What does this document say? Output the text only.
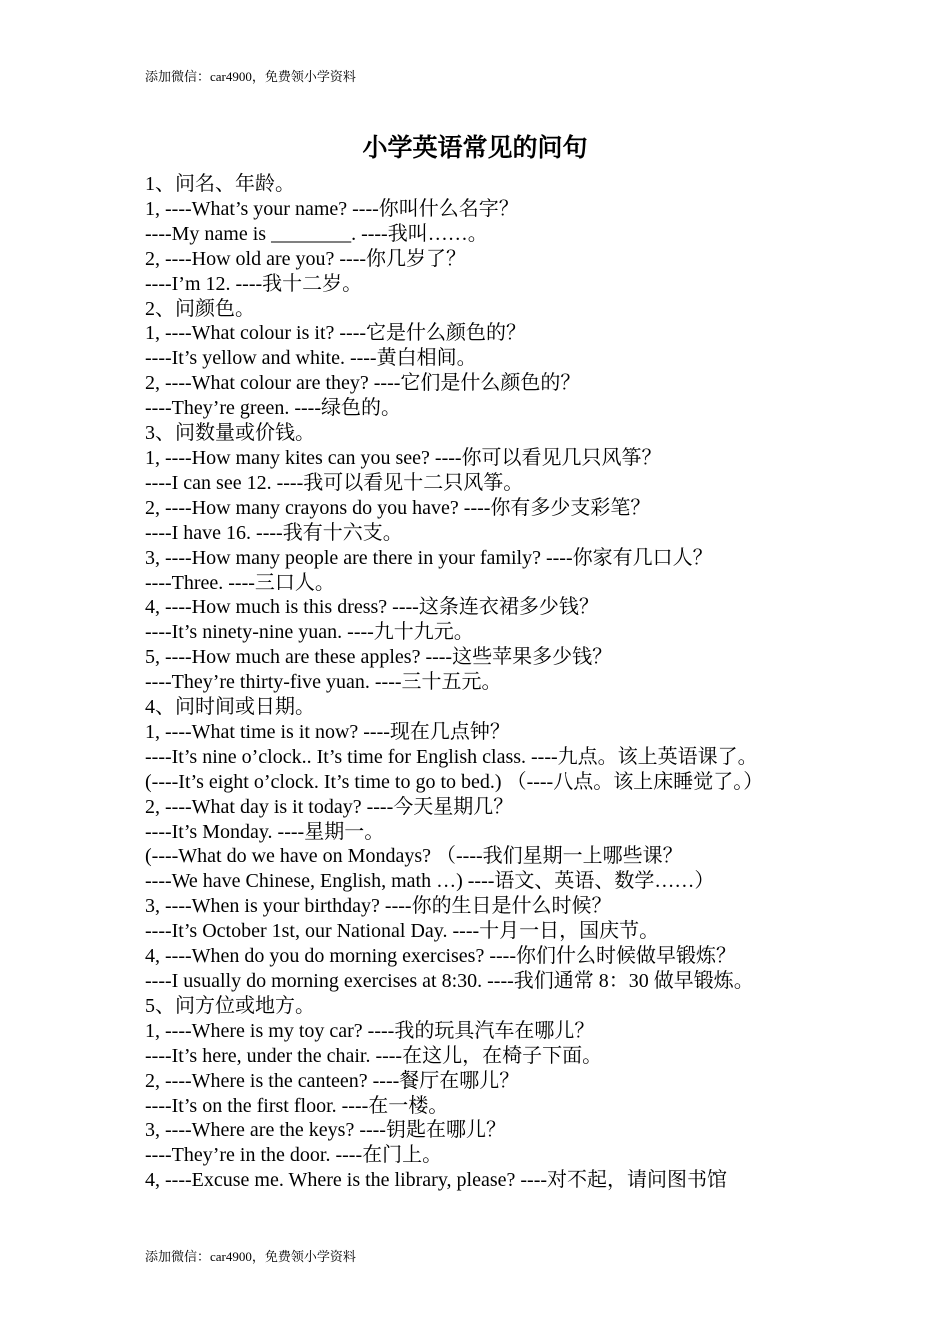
添加微信：car4900，免费领小学资料
小学英语常见的问句

1、问名、年龄。

1, ----What’s your name? ----你叫什么名字？

----My name is ________. ----我叫……。

2, ----How old are you? ----你几岁了？

----I’m 12. ----我十二岁。

2、问颜色。

1, ----What colour is it? ----它是什么颜色的？

----It’s yellow and white. ----黄白相间。

2, ----What colour are they? ----它们是什么颜色的？

----They’re green. ----绿色的。

3、问数量或价钱。

1, ----How many kites can you see? ----你可以看见几只风筝？

----I can see 12. ----我可以看见十二只风筝。

2, ----How many crayons do you have? ----你有多少支彩笔？

----I have 16. ----我有十六支。

3, ----How many people are there in your family? ----你家有几口人？

----Three. ----三口人。

4, ----How much is this dress? ----这条连衣裙多少钱？

----It’s ninety-nine yuan. ----九十九元。

5, ----How much are these apples? ----这些苹果多少钱？

----They’re thirty-five yuan. ----三十五元。

4、问时间或日期。

1, ----What time is it now? ----现在几点钟？

----It’s nine o’clock.. It’s time for English class. ----九点。该上英语课了。

(----It’s eight o’clock. It’s time to go to bed.) （----八点。该上床睡觉了。）

2, ----What day is it today? ----今天星期几？

----It’s Monday. ----星期一。

(----What do we have on Mondays? （----我们星期一上哪些课？

----We have Chinese, English, math …) ----语文、英语、数学……）

3, ----When is your birthday? ----你的生日是什么时候？

----It’s October 1st, our National Day. ----十月一日，国庆节。

4, ----When do you do morning exercises? ----你们什么时候做早锻炼？

----I usually do morning exercises at 8:30. ----我们通常 8：30 做早锻炼。

5、问方位或地方。

1, ----Where is my toy car? ----我的玩具汽车在哪儿？

----It’s here, under the chair. ----在这儿，在椅子下面。

2, ----Where is the canteen? ----餐厅在哪儿？

----It’s on the first floor. ----在一楼。

3, ----Where are the keys? ----钥匙在哪儿？

----They’re in the door. ----在门上。

4, ----Excuse me. Where is the library, please? ----对不起，请问图书馆

添加微信：car4900，免费领小学资料
